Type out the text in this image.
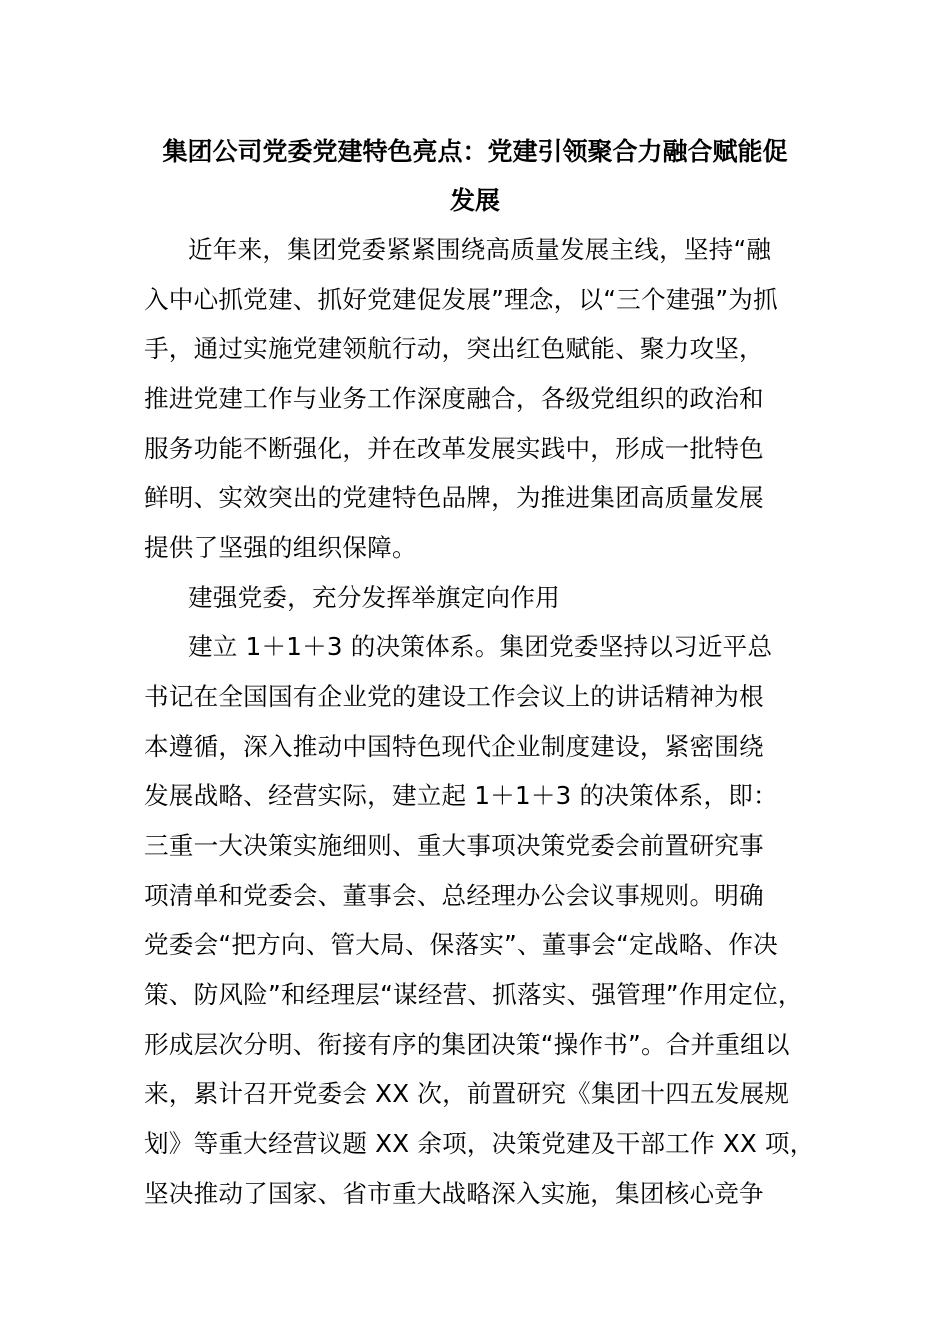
集团公司党委党建特色亮点：党建引领聚合力融合赋能促
发展
近年来，集团党委紧紧围绕高质量发展主线，坚持“融
入中心抓党建、抓好党建促发展”理念，以“三个建强”为抓
手，通过实施党建领航行动，突出红色赋能、聚力攻坚，
推进党建工作与业务工作深度融合，各级党组织的政治和
服务功能不断强化，并在改革发展实践中，形成一批特色
鲜明、实效突出的党建特色品牌，为推进集团高质量发展
提供了坚强的组织保障。
建强党委，充分发挥举旗定向作用
建立 1＋1＋3 的决策体系。集团党委坚持以习近平总
书记在全国国有企业党的建设工作会议上的讲话精神为根
本遵循，深入推动中国特色现代企业制度建设，紧密围绕
发展战略、经营实际，建立起 1＋1＋3 的决策体系，即：
三重一大决策实施细则、重大事项决策党委会前置研究事
项清单和党委会、董事会、总经理办公会议事规则。明确
党委会“把方向、管大局、保落实”、董事会“定战略、作决
策、防风险”和经理层“谋经营、抓落实、强管理”作用定位，
形成层次分明、衔接有序的集团决策“操作书”。合并重组以
来，累计召开党委会 XX 次，前置研究《集团十四五发展规
划》等重大经营议题 XX 余项，决策党建及干部工作 XX 项，
坚决推动了国家、省市重大战略深入实施，集团核心竞争
